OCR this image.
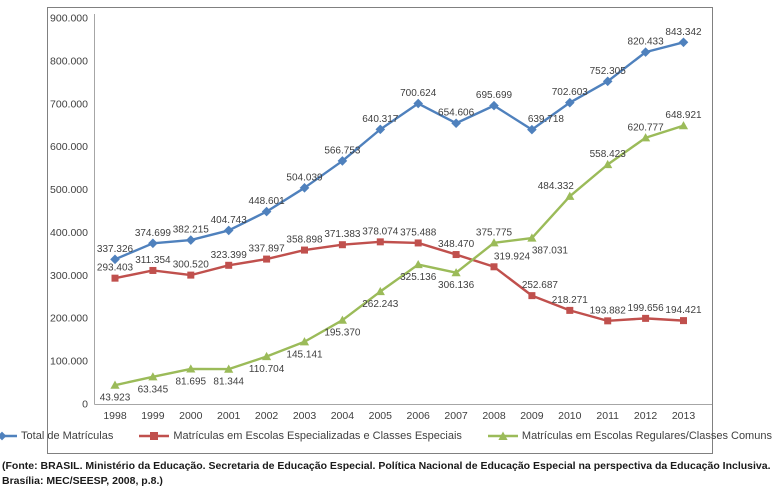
0
100.000
200.000
300.000
400.000
500.000
600.000
700.000
800.000
900.000
1998 1999 2000 2001 2002 2003 2004 2005 2006 2007 2008 2009 2010 2011 2012 2013
337.326
374.699 382.215
404.743
448.601
504.039
566.753
640.317
700.624
654.606
695.699
639.718
702.603
752.305
820.433
843.342
293.403
311.354 300.520
323.399
337.897
358.898 371.383 378.074 375.488
348.470
319.924
252.687
218.271
193.882 199.656 194.421
43.923
63.345
81.695 81.344
110.704
145.141
195.370
262.243
325.136
306.136
375.775
387.031
484.332
558.423
620.777
648.921
Total de Matrículas	Matrículas em Escolas Especializadas e Classes Especiais	Matrículas em Escolas Regulares/Classes Comuns
(Fonte: BRASIL. Ministério da Educação. Secretaria de Educação Especial. Política Nacional de Educação Especial na perspectiva da Educação Inclusiva. Brasília: MEC/SEESP, 2008, p.8.)
